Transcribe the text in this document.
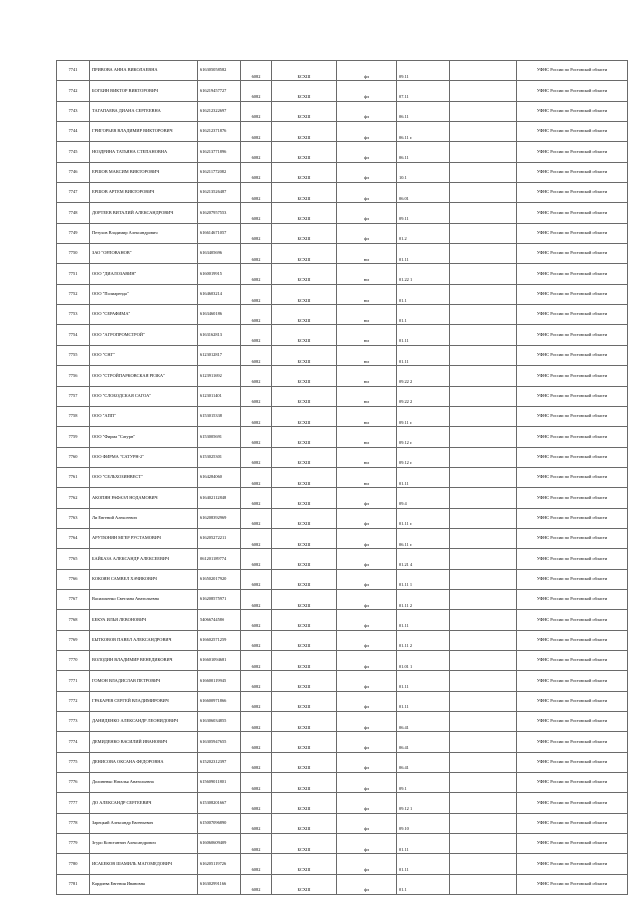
7741	ПРИВОВА АННА ВИКОЛАЕВНА	616305058582	6082	БСХШ	фл	09.11		УФНС России по Ростовской области
7742	БОГБИН ВИКТОР ВИКТОРОВИЧ	616219457727	6082	БСХШ	фл	07.11		УФНС России по Ростовской области
7743	ТАГАПАЕВА ДИАНА СЕРГЕЕВНА	616212322697	6082	БСХШ	фл	06.11		УФНС России по Ростовской области
7744	ГРИГОРЬЕВ ВЛАДИМИР ВИКТОРОВИЧ	616212371876	6082	БСХШ	фл	06.11 г.		УФНС России по Ростовской области
7745	НОЗДРИНА ТАТЬЯНА СТЕПАНОВНА	616213771896	6082	БСХШ	фл	06.11		УФНС России по Ростовской области
7746	ЕРШОВ МАКСИМ ВИКТОРОВИЧ	616211772082	6082	БСХШ	фл	10.1		УФНС России по Ростовской области
7747	ЕРШОВ АРТЕМ ВИКТОРОВИЧ	616213526487	6082	БСХШ	фл	06.01		УФНС России по Ростовской области
7748	ДОРТЕЕВ ВИТАЛИЙ АЛЕКСАНДРОВИЧ	616207957553	6082	БСХШ	фл	09.11		УФНС России по Ростовской области
7749	Петухов Владимир Александрович	616614671057	6082	БСХШ	фл	01.2		УФНС России по Ростовской области
7750	ЗАО "ОРЛОВАНОВ"	6163405696	6082	БСХШ	юл	01.11		УФНС России по Ростовской области
7751	ООО "ДИАЛОЗАВИН"	6160019915	6082	БСХШ	юл	01.22 1		УФНС России по Ростовской области
7752	ООО "Полиаренда"	6164603214	6082	БСХШ	юл	01.1		УФНС России по Ростовской области
7753	ООО "СЕРАФИМА"	6163460186	6082	БСХШ	юл	01.1		УФНС России по Ростовской области
7754	ООО "АГРОПРОМСТРОЙ"	6163162813	6082	БСХШ	юл	01.11		УФНС России по Ростовской области
7755	ООО "СНГ"	6123012817	6082	БСХШ	юл	01.11		УФНС России по Ростовской области
7756	ООО "СТРОЙПАРКОВСКАЯ РЕЗКА"	6123911692	6082	БСХШ	юл	09.22 2		УФНС России по Ростовской области
7757	ООО "СЛОБОДСКАЯ САГОА"	6123011401	6082	БСХШ	юл	09.22 2		УФНС России по Ростовской области
7758	ООО "АПП"	6153015338	6082	БСХШ	юл	09.11 г.		УФНС России по Ростовской области
7759	ООО "Фирма "Сатурн"	6153005691	6082	БСХШ	юл	09.12 г.		УФНС России по Ростовской области
7760	ООО ФИРМА "САТУРН-2"	6153025301	6082	БСХШ	юл	09.12 г.		УФНС России по Ростовской области
7761	ООО "СЕЛЬХОЗИНВЕСТ"	6164284060	6082	БСХШ	юл	01.11		УФНС России по Ростовской области
7762	АКОПЯН РАФАЭЛ НОДАМОВИЧ	616402112848	6082	БСХШ	фл	09.4		УФНС России по Ростовской области
7763	Ли Евгений Алексеевич	616208392969	6082	БСХШ	фл	01.11 г.		УФНС России по Ростовской области
7764	АРУТЮНЯН МГЕР РУСТАМОВИЧ	616205272211	6082	БСХШ	фл	06.11 г.		УФНС России по Ростовской области
7765	БАЙБАЗА АЛЕКСАНДР АЛЕКСЕЕВИЧ	061201189774	6082	БСХШ	фл	01.21 4		УФНС России по Ростовской области
7766	КОКОЯН САМВЕЛ ХАЧИКОВИЧ	616502017920	6082	БСХШ	фл	01.11 1		УФНС России по Ростовской области
7767	Васильченко Светлана Анатольевна	616208575971	6082	БСХШ	фл	01.11 2		УФНС России по Ростовской области
7768	БЕКУА ИЛЬЯ ЛЕВОНОВИЧ	5406674458б	6082	БСХШ	фл	01.11		УФНС России по Ростовской области
7769	БЫТКОВОВ ПАВЕЛ АЛЕКСАНДРОВИЧ	616602571259	6082	БСХШ	фл	01.11 2		УФНС России по Ростовской области
7770	ВОЛОДИН ВЛАДИМИР ВЕНЕДИКОВИЧ	616601094681	6082	БСХШ	фл	01.01 1		УФНС России по Ростовской области
7771	ГОМОН ВЛАДИСЛАВ ПЕТРОВИЧ	616600119945	6082	БСХШ	фл	01.11		УФНС России по Ростовской области
7772	ГРАБАРЕВ СЕРГЕЙ ВЛАДИМИРОВИЧ	616600971866	6082	БСХШ	фл	01.11		УФНС России по Ростовской области
7773	ДАНИДЕНКО АЛЕКСАНДР ЛЕОНИДОВИЧ	616306034855	6082	БСХШ	фл	06.41		УФНС России по Ростовской области
7774	ДЕМИДЕНКО ВАСИЛИЙ ИВАНОВИЧ	616305947655	6082	БСХШ	фл	06.41		УФНС России по Ростовской области
7775	ДЕНИСОВА ОКСАНА ФЕДОРОВНА	615202312397	6082	БСХШ	фл	06.41		УФНС России по Ростовской области
7776	Долиненко Наталья Анатольевна	615609011801	6082	БСХШ	фл	09.1		УФНС России по Ростовской области
7777	ДО АЛЕКСАНДР СЕРГЕЕВИЧ	615308201667	6082	БСХШ	фл	09.12 1		УФНС России по Ростовской области
7778	Зарецкий Александр Евгеньевич	615007096890	6082	БСХШ	фл	09.10		УФНС России по Ростовской области
7779	Згуро Константин Александрович	616060609409	6082	БСХШ	фл	01.11		УФНС России по Ростовской области
7780	ИСАБЕКОВ ШАМИЛЬ МАГОМЕДОВИЧ	616205119726	6082	БСХШ	фл	01.11		УФНС России по Ростовской области
7781	Кардиева Евгения Ивановна	616302991166	6082	БСХШ	фл	01.1		УФНС России по Ростовской области
